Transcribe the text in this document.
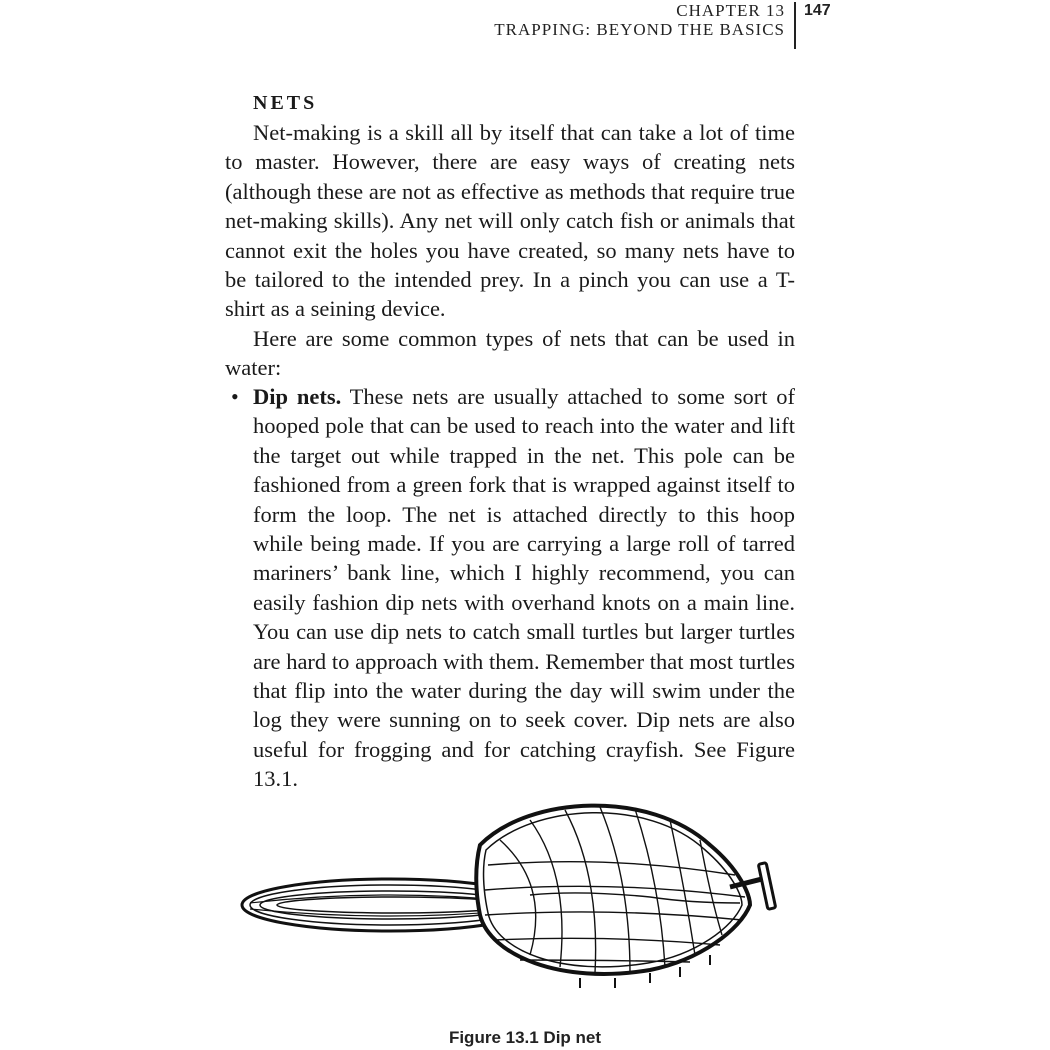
CHAPTER 13
TRAPPING: BEYOND THE BASICS
147
NETS

Net-making is a skill all by itself that can take a lot of time to master. However, there are easy ways of creating nets (although these are not as effective as methods that require true net-making skills). Any net will only catch fish or animals that cannot exit the holes you have created, so many nets have to be tailored to the intended prey. In a pinch you can use a T-shirt as a seining device.

Here are some common types of nets that can be used in water:

• Dip nets. These nets are usually attached to some sort of hooped pole that can be used to reach into the water and lift the target out while trapped in the net. This pole can be fashioned from a green fork that is wrapped against itself to form the loop. The net is attached directly to this hoop while being made. If you are carrying a large roll of tarred mariners’ bank line, which I highly recommend, you can easily fashion dip nets with overhand knots on a main line. You can use dip nets to catch small turtles but larger turtles are hard to approach with them. Remember that most turtles that flip into the water during the day will swim under the log they were sunning on to seek cover. Dip nets are also useful for frogging and for catching crayfish. See Figure 13.1.
Figure 13.1 Dip net
